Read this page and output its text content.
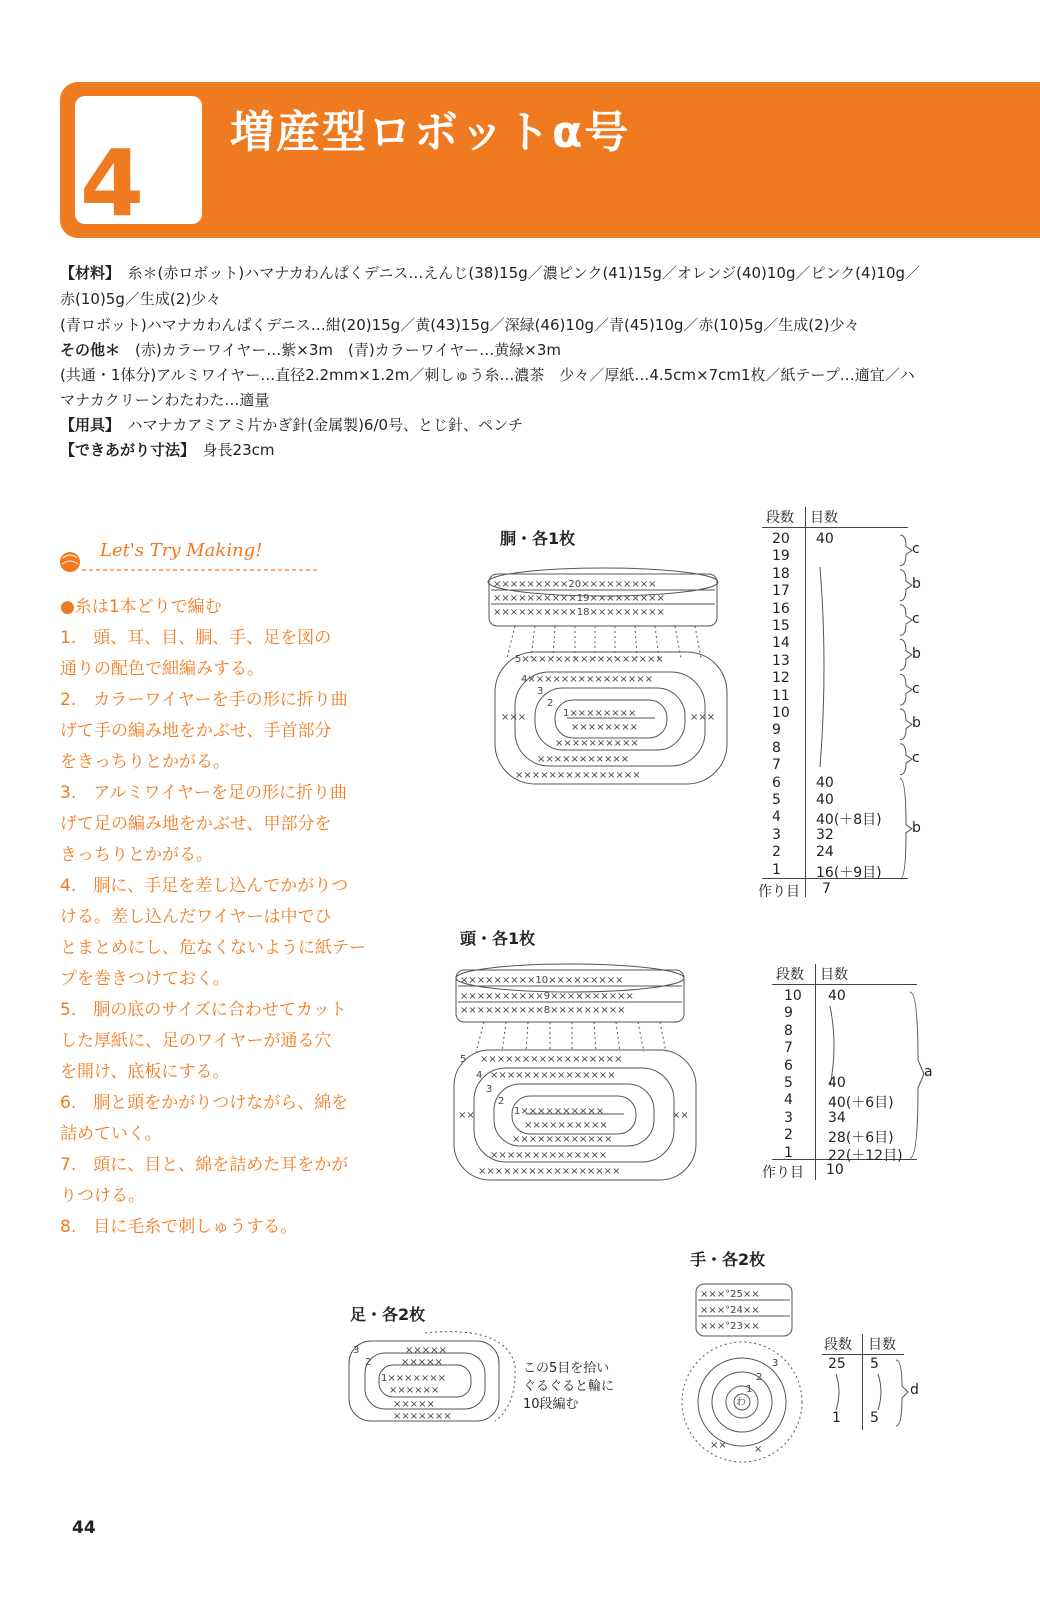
4 増産型ロボットα号
【材料】　 糸＊(赤ロボット)ハマナカわんぱくデニス…えんじ(38)15g／濃ピンク(41)15g／オレンジ(40)10g／ピンク(4)10g／
赤(10)5g／生成(2)少々
(青ロボット)ハマナカわんぱくデニス…紺(20)15g／黄(43)15g／深緑(46)10g／青(45)10g／赤(10)5g／生成(2)少々
その他＊　 (赤)カラーワイヤー…紫×3m　(青)カラーワイヤー…黄緑×3m
(共通・1体分)アルミワイヤー…直径2.2mm×1.2m／刺しゅう糸…濃茶　少々／厚紙…4.5cm×7cm1枚／紙テープ…適宜／ハ
マナカクリーンわたわた…適量
【用具】　 ハマナカアミアミ片かぎ針(金属製)6/0号、とじ針、ペンチ
【できあがり寸法】　 身長23cm
Let's Try Making!
●糸は1本どりで編む
1.　頭、耳、目、胴、手、足を図の
通りの配色で細編みする。
2.　カラーワイヤーを手の形に折り曲
げて手の編み地をかぶせ、手首部分
をきっちりとかがる。
3.　アルミワイヤーを足の形に折り曲
げて足の編み地をかぶせ、甲部分を
きっちりとかがる。
4.　胴に、手足を差し込んでかがりつ
ける。差し込んだワイヤーは中でひ
とまとめにし、危なくないように紙テー
プを巻きつけておく。
5.　胴の底のサイズに合わせてカット
した厚紙に、足のワイヤーが通る穴
を開け、底板にする。
6.　胴と頭をかがりつけながら、綿を
詰めていく。
7.　頭に、目と、綿を詰めた耳をかが
りつける。
8.　目に毛糸で刺しゅうする。
胴・各1枚
頭・各1枚
手・各2枚
足・各2枚
×××××××××20×××××××××
××××××××××19×××××××××
××××××××××18×××××××××
5×××××××××××××××××
4×××××××××××××××
3
2
1××××××××
××××××××
××××××××××
×××××××××××
×××××××××××××××
×××	×××
×××××××××10×××××××××
××××××××××9××××××××××
××××××××××8×××××××××
5 ×××××××××××××××××
4 ×××××××××××××××
3
2
1××××××××××
××××××××××
××××××××××××
××××××××××××××
×××××××××××××××××
××	××
3
2
×××××
×××××
1×××××××
××××××
×××××
×××××××
この5目を拾い
ぐるぐると輪に
10段編む
×××°25××
×××°24××
×××°23××
わ
3
2
1
××	×
段数 目数
作り目 7
20 40
19
18
17
16
15
14
13
12
11
10
9
8
7
6	40
5	40
4	40(＋8目)
3	32
2	24
1	16(＋9目)
c
b
c
b
c
b
c
b
段数 目数
作り目 10
a
10 40
9
8
7
6
5	40
4	40(＋6目)
3	34
2	28(＋6目)
1	22(＋12目)
段数 目数
25 5
1 5
d
44
